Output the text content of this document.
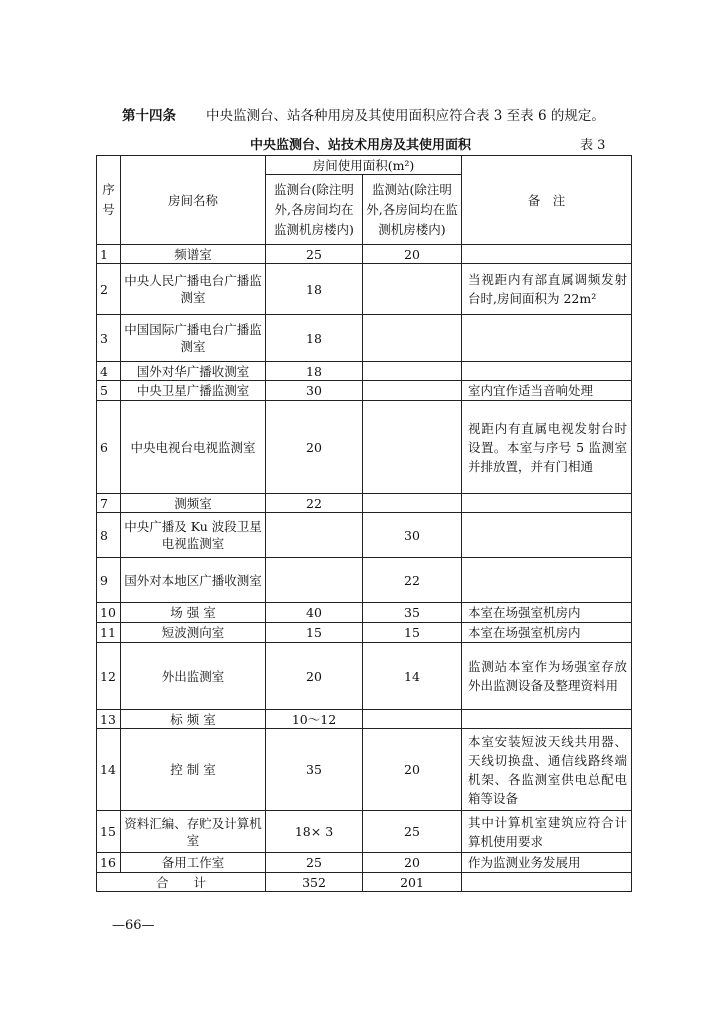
第十四条 中央监测台、站各种用房及其使用面积应符合表 3 至表 6 的规定。
中央监测台、站技术用房及其使用面积	表 3
序号	房间名称	房间使用面积(m²)		备　注
		监测台(除注明外,各房间均在监测机房楼内)	监测站(除注明外,各房间均在监测机房楼内)	
1	频谱室	25	20	
2	中央人民广播电台广播监测室	18		当视距内有部直属调频发射台时,房间面积为 22m²
3	中国国际广播电台广播监测室	18		
4	国外对华广播收测室	18		
5	中央卫星广播监测室	30		室内宜作适当音响处理
6	中央电视台电视监测室	20		视距内有直属电视发射台时设置。本室与序号 5 监测室并排放置，并有门相通
7	测频室	22		
8	中央广播及 Ku 波段卫星电视监测室		30	
9	国外对本地区广播收测室		22	
10	场 强 室	40	35	本室在场强室机房内
11	短波测向室	15	15	本室在场强室机房内
12	外出监测室	20	14	监测站本室作为场强室存放外出监测设备及整理资料用
13	标 频 室	10～12		
14	控 制 室	35	20	本室安装短波天线共用器、天线切换盘、通信线路终端机架、各监测室供电总配电箱等设备
15	资料汇编、存贮及计算机室	18× 3	25	其中计算机室建筑应符合计算机使用要求
16	备用工作室	25	20	作为监测业务发展用
合　　计		352	201	
—66—
